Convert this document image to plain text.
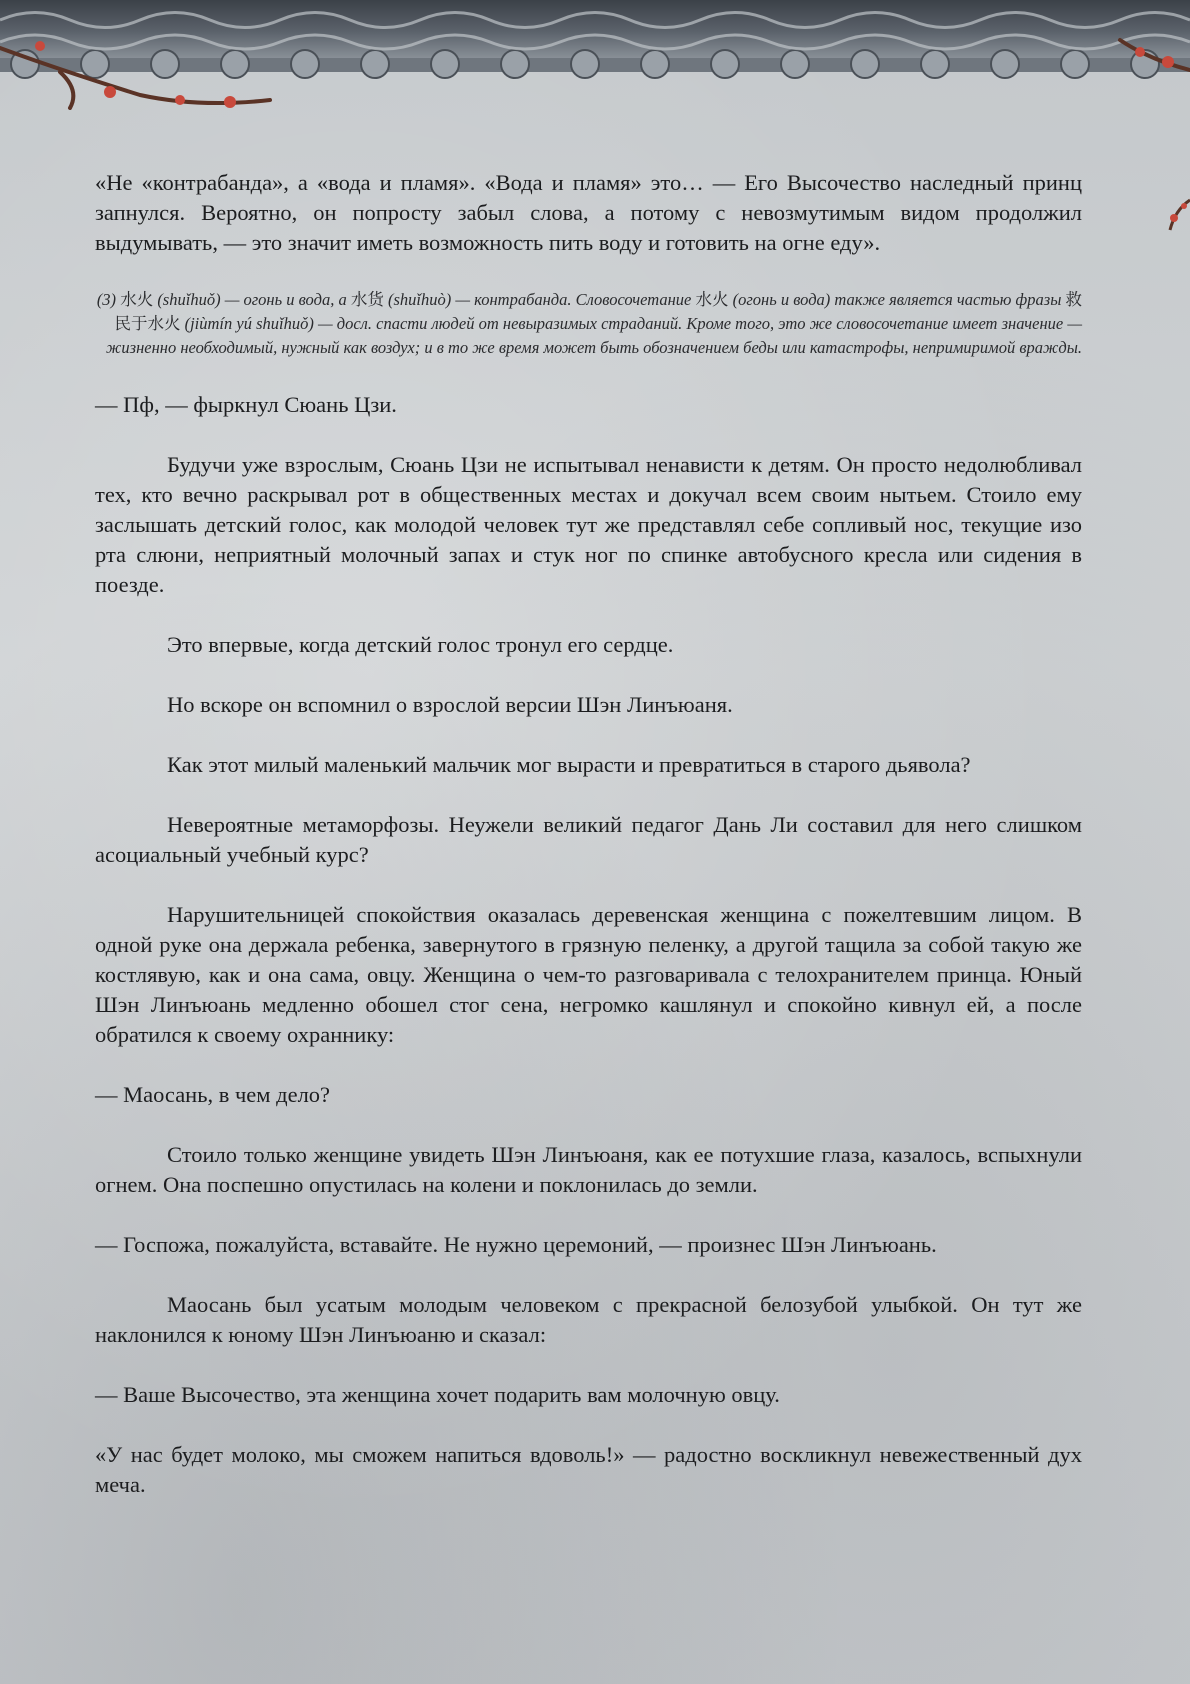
«Не «контрабанда», а «вода и пламя». «Вода и пламя» это… — Его Высочество наследный принц запнулся. Вероятно, он попросту забыл слова, а потому с невозмутимым видом продолжил выдумывать, — это значит иметь возможность пить воду и готовить на огне еду».

(3) 水火 (shuǐhuǒ) — огонь и вода, а 水货 (shuǐhuò) — контрабанда. Словосочетание 水火 (огонь и вода) также является частью фразы 救民于水火 (jiùmín yú shuǐhuǒ) — досл. спасти людей от невыразимых страданий. Кроме того, это же словосочетание имеет значение — жизненно необходимый, нужный как воздух; и в то же время может быть обозначением беды или катастрофы, непримиримой вражды.

— Пф, — фыркнул Сюань Цзи.

Будучи уже взрослым, Сюань Цзи не испытывал ненависти к детям. Он просто недолюбливал тех, кто вечно раскрывал рот в общественных местах и докучал всем своим нытьем. Стоило ему заслышать детский голос, как молодой человек тут же представлял себе сопливый нос, текущие изо рта слюни, неприятный молочный запах и стук ног по спинке автобусного кресла или сидения в поезде.

Это впервые, когда детский голос тронул его сердце.

Но вскоре он вспомнил о взрослой версии Шэн Линъюаня.

Как этот милый маленький мальчик мог вырасти и превратиться в старого дьявола?

Невероятные метаморфозы. Неужели великий педагог Дань Ли составил для него слишком асоциальный учебный курс?

Нарушительницей спокойствия оказалась деревенская женщина с пожелтевшим лицом. В одной руке она держала ребенка, завернутого в грязную пеленку, а другой тащила за собой такую же костлявую, как и она сама, овцу. Женщина о чем-то разговаривала с телохранителем принца. Юный Шэн Линъюань медленно обошел стог сена, негромко кашлянул и спокойно кивнул ей, а после обратился к своему охраннику:

— Маосань, в чем дело?

Стоило только женщине увидеть Шэн Линъюаня, как ее потухшие глаза, казалось, вспыхнули огнем. Она поспешно опустилась на колени и поклонилась до земли.

— Госпожа, пожалуйста, вставайте. Не нужно церемоний, — произнес Шэн Линъюань.

Маосань был усатым молодым человеком с прекрасной белозубой улыбкой. Он тут же наклонился к юному Шэн Линъюаню и сказал:

— Ваше Высочество, эта женщина хочет подарить вам молочную овцу.

«У нас будет молоко, мы сможем напиться вдоволь!» — радостно воскликнул невежественный дух меча.
